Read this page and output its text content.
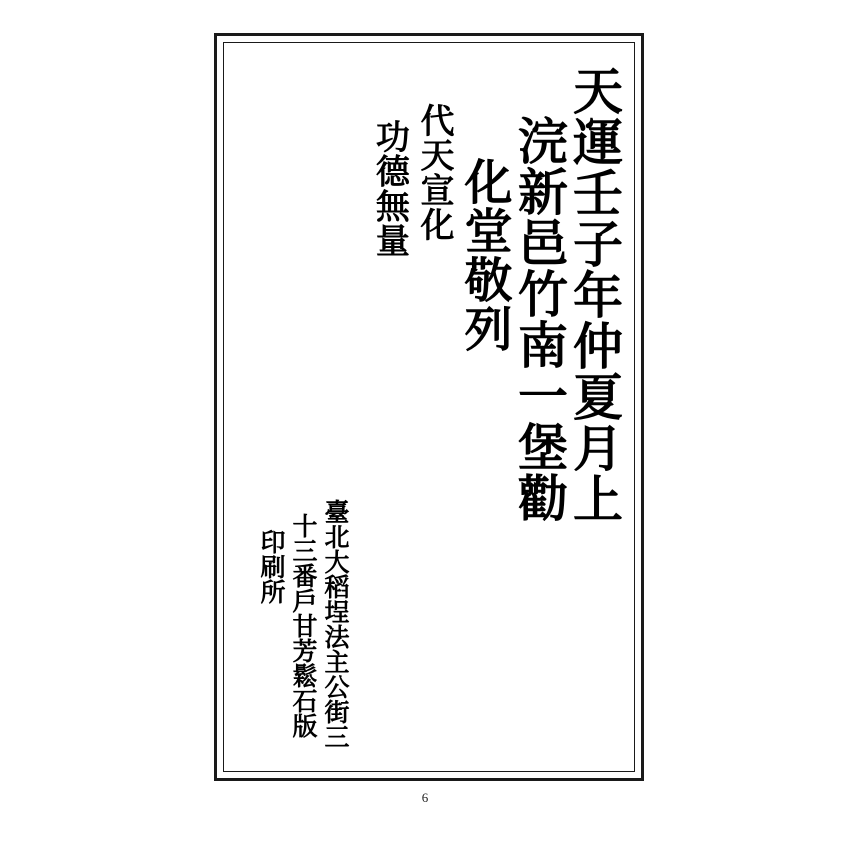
天運壬子年仲夏月上
浣新邑竹南一堡勸
化堂敬列
代天宣化
功德無量
臺北大稻埕法主公街三
十三番戶甘芳鬆石版
印刷所
6
